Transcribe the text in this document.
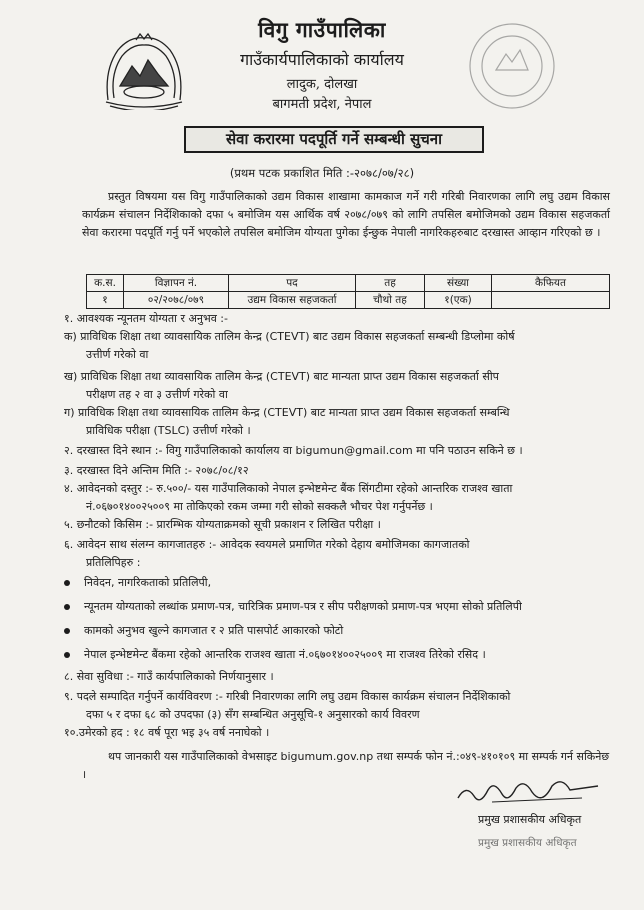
विगु गाउँपालिका
गाउँकार्यपालिकाको कार्यालय
लादुक, दोलखा
बागमती प्रदेश, नेपाल
सेवा करारमा पदपूर्ति गर्ने सम्बन्धी सुचना
(प्रथम पटक प्रकाशित मिति :-२०७८/०७/२८)
प्रस्तुत विषयमा यस विगु गाउँपालिकाको उद्यम विकास शाखामा कामकाज गर्ने गरी गरिबी निवारणका लागि लघु उद्यम विकास कार्यक्रम संचालन निर्देशिकाको दफा ५ बमोजिम यस आर्थिक वर्ष २०७८/०७९ को लागि तपसिल बमोजिमको उद्यम विकास सहजकर्ता सेवा करारमा पदपूर्ति गर्नु पर्ने भएकोले तपसिल बमोजिम योग्यता पुगेका ईन्छुक नेपाली नागरिकहरुबाट दरखास्त आव्हान गरिएको छ ।
क.स.	विज्ञापन नं.	पद	तह	संख्या	कैफियत
१	०२/२०७८/०७९	उद्यम विकास सहजकर्ता	चौथो तह	१(एक)	
१. आवश्यक न्यूनतम योग्यता र अनुभव :-
क) प्राविधिक शिक्षा तथा व्यावसायिक तालिम केन्द्र (CTEVT) बाट उद्यम विकास सहजकर्ता सम्बन्धी डिप्लोमा कोर्ष
उत्तीर्ण गरेको वा
ख) प्राविधिक शिक्षा तथा व्यावसायिक तालिम केन्द्र (CTEVT) बाट मान्यता प्राप्त उद्यम विकास सहजकर्ता सीप
परीक्षण तह २ वा ३ उत्तीर्ण गरेको वा
ग) प्राविधिक शिक्षा तथा व्यावसायिक तालिम केन्द्र (CTEVT) बाट मान्यता प्राप्त उद्यम विकास सहजकर्ता सम्बन्धि
प्राविधिक परीक्षा (TSLC) उत्तीर्ण गरेको ।
२. दरखास्त दिने स्थान :- विगु गाउँपालिकाको कार्यालय वा bigumun@gmail.com मा पनि पठाउन सकिने छ ।
३. दरखास्त दिने अन्तिम मिति :- २०७८/०८/१२
४. आवेदनको दस्तुर :- रु.५००/- यस गाउँपालिकाको नेपाल इन्भेष्टमेन्ट बैंक सिंगटीमा रहेको आन्तरिक राजश्व खाता
नं.०६७०१४००२५००९ मा तोकिएको रकम जम्मा गरी सोको सक्कलै भौचर पेश गर्नुपर्नेछ ।
५. छनौटको किसिम :- प्रारम्भिक योग्यताक्रमको सूची प्रकाशन र लिखित परीक्षा ।
६. आवेदन साथ संलग्न कागजातहरु :- आवेदक स्वयमले प्रमाणित गरेको देहाय बमोजिमका कागजातको
प्रतिलिपिहरु :
निवेदन, नागरिकताको प्रतिलिपी,
न्यूनतम योग्यताको लब्धांक प्रमाण-पत्र, चारित्रिक प्रमाण-पत्र र सीप परीक्षणको प्रमाण-पत्र भएमा सोको प्रतिलिपी
कामको अनुभव खुल्ने कागजात र २ प्रति पासपोर्ट आकारको फोटो
नेपाल इन्भेष्टमेन्ट बैंकमा रहेको आन्तरिक राजश्व खाता नं.०६७०१४००२५००९ मा राजश्व तिरेको रसिद ।
८. सेवा सुविधा :- गाउँ कार्यपालिकाको निर्णयानुसार ।
९. पदले सम्पादित गर्नुपर्ने कार्यविवरण :- गरिबी निवारणका लागि लघु उद्यम विकास कार्यक्रम संचालन निर्देशिकाको
दफा ५ र दफा ६८ को उपदफा (३) सँग सम्बन्धित अनुसूचि-१ अनुसारको कार्य विवरण
१०.उमेरको हद : १८ वर्ष पूरा भइ ३५ वर्ष ननाघेको ।
थप जानकारी यस गाउँपालिकाको वेभसाइट bigumum.gov.np तथा सम्पर्क फोन नं.:०४९-४१०१०९ मा सम्पर्क गर्न सकिनेछ ।
प्रमुख प्रशासकीय अधिकृत
प्रमुख प्रशासकीय अधिकृत
